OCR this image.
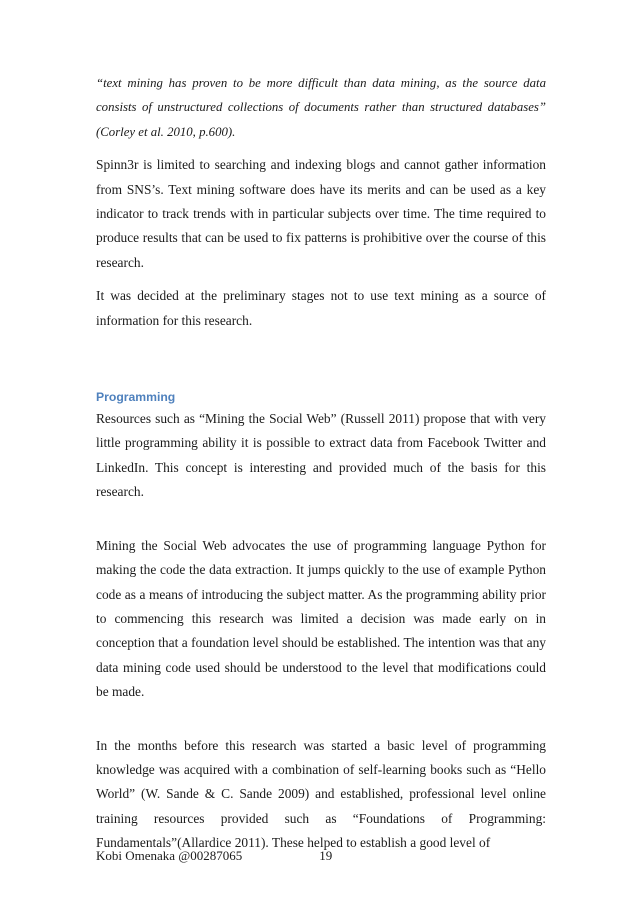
“text mining has proven to be more difficult than data mining, as the source data consists of unstructured collections of documents rather than structured databases” (Corley et al. 2010, p.600).

Spinn3r is limited to searching and indexing blogs and cannot gather information from SNS’s. Text mining software does have its merits and can be used as a key indicator to track trends with in particular subjects over time. The time required to produce results that can be used to fix patterns is prohibitive over the course of this research.

It was decided at the preliminary stages not to use text mining as a source of information for this research.

Programming

Resources such as “Mining the Social Web” (Russell 2011) propose that with very little programming ability it is possible to extract data from Facebook Twitter and LinkedIn. This concept is interesting and provided much of the basis for this research.

Mining the Social Web advocates the use of programming language Python for making the code the data extraction. It jumps quickly to the use of example Python code as a means of introducing the subject matter. As the programming ability prior to commencing this research was limited a decision was made early on in conception that a foundation level should be established. The intention was that any data mining code used should be understood to the level that modifications could be made.

In the months before this research was started a basic level of programming knowledge was acquired with a combination of self-learning books such as “Hello World” (W. Sande & C. Sande 2009) and established, professional level online training resources provided such as “Foundations of Programming: Fundamentals”(Allardice 2011). These helped to establish a good level of

Kobi Omenaka @00287065	19
